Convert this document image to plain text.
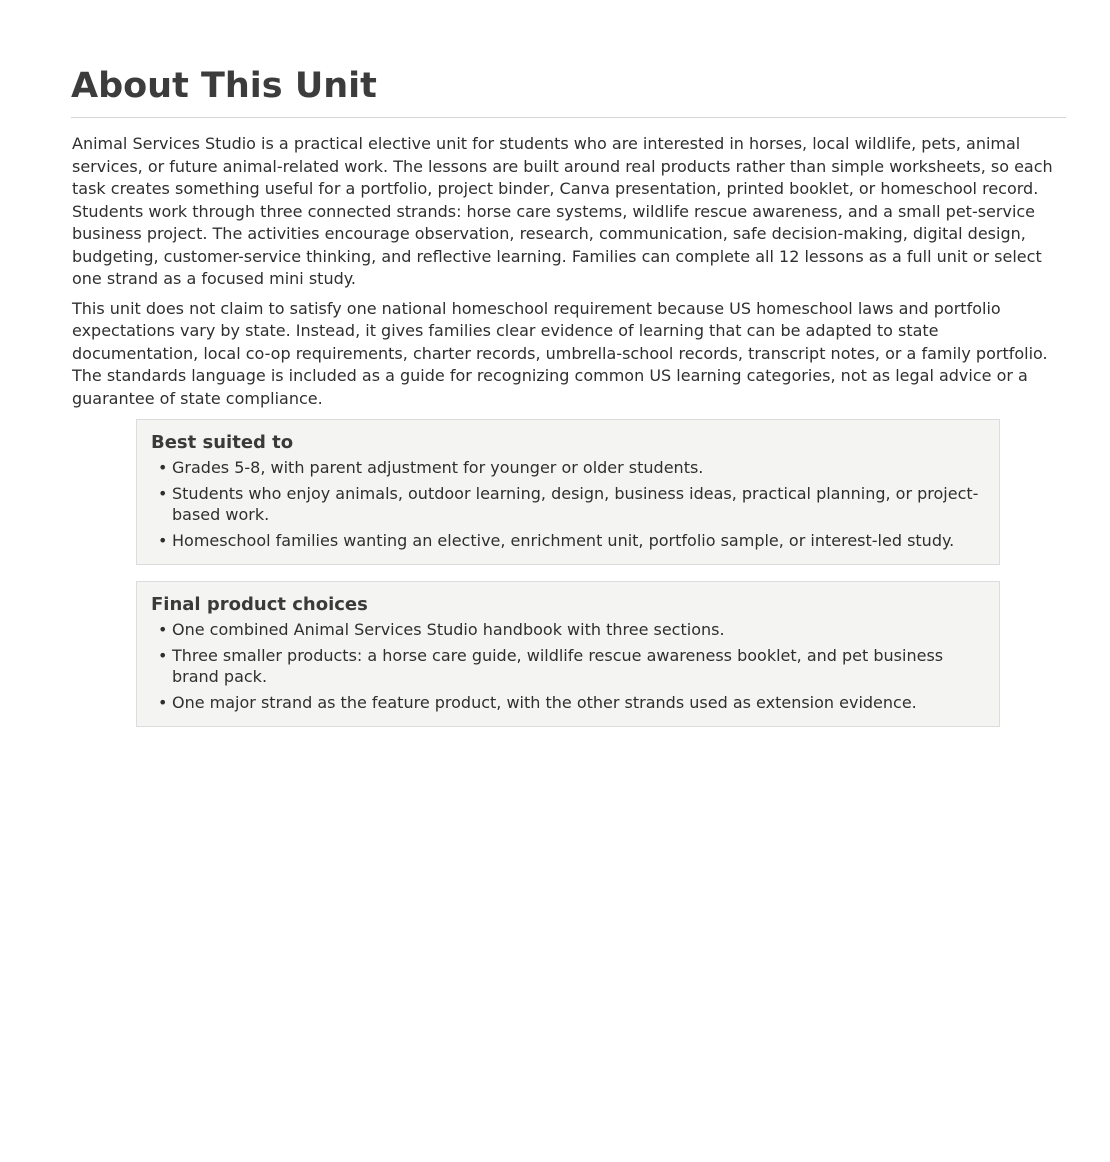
About This Unit

Animal Services Studio is a practical elective unit for students who are interested in horses, local wildlife, pets, animal services, or future animal-related work. The lessons are built around real products rather than simple worksheets, so each task creates something useful for a portfolio, project binder, Canva presentation, printed booklet, or homeschool record. Students work through three connected strands: horse care systems, wildlife rescue awareness, and a small pet-service business project. The activities encourage observation, research, communication, safe decision-making, digital design, budgeting, customer-service thinking, and reflective learning. Families can complete all 12 lessons as a full unit or select one strand as a focused mini study.

This unit does not claim to satisfy one national homeschool requirement because US homeschool laws and portfolio expectations vary by state. Instead, it gives families clear evidence of learning that can be adapted to state documentation, local co-op requirements, charter records, umbrella-school records, transcript notes, or a family portfolio. The standards language is included as a guide for recognizing common US learning categories, not as legal advice or a guarantee of state compliance.

Best suited to
• Grades 5-8, with parent adjustment for younger or older students.
• Students who enjoy animals, outdoor learning, design, business ideas, practical planning, or project-based work.
• Homeschool families wanting an elective, enrichment unit, portfolio sample, or interest-led study.
Final product choices
• One combined Animal Services Studio handbook with three sections.
• Three smaller products: a horse care guide, wildlife rescue awareness booklet, and pet business brand pack.
• One major strand as the feature product, with the other strands used as extension evidence.
